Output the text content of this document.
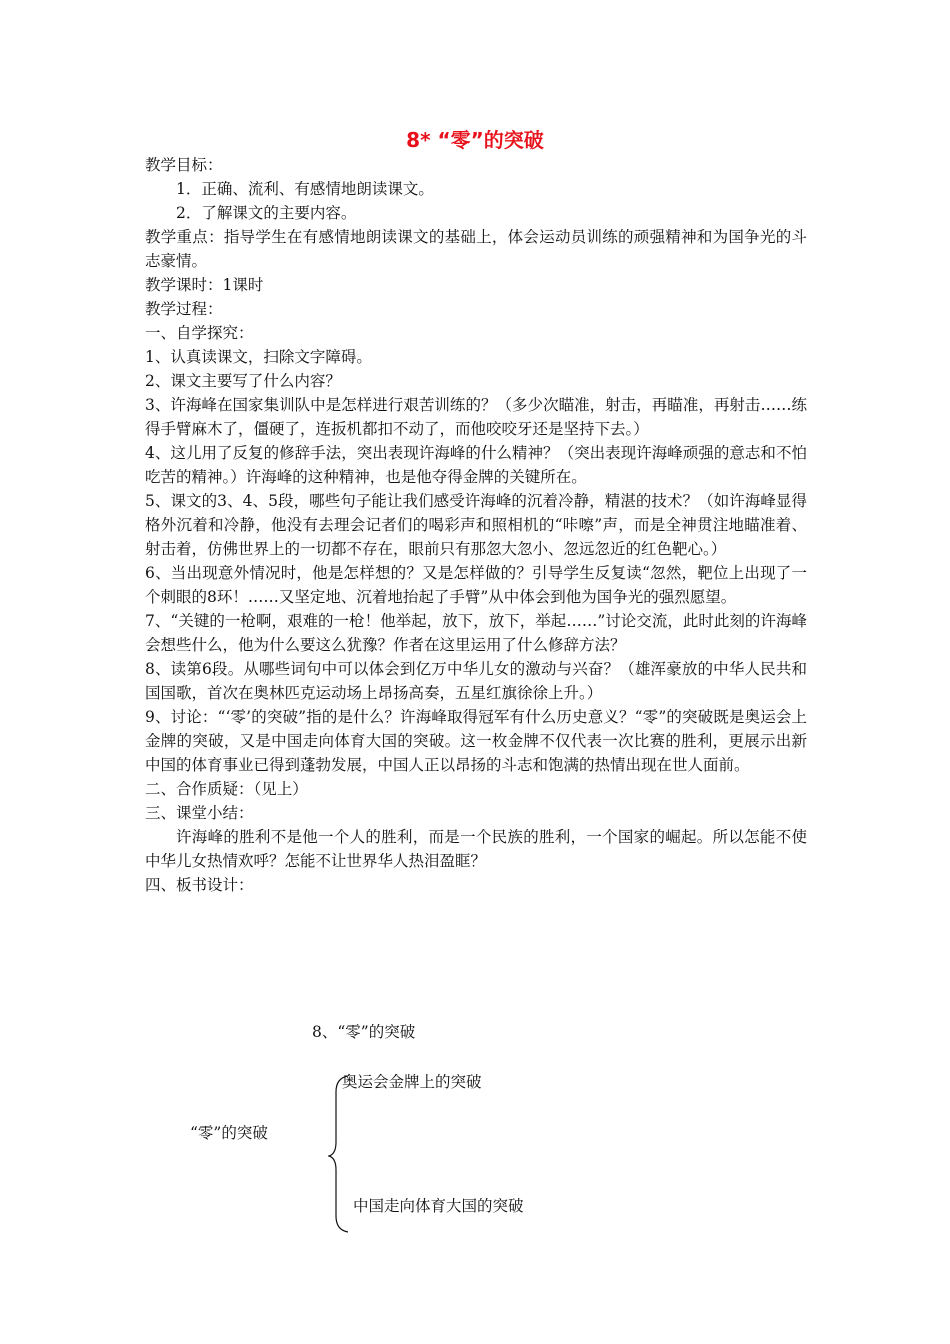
8* “零”的突破

教学目标：

1．正确、流利、有感情地朗读课文。

2．了解课文的主要内容。

教学重点：指导学生在有感情地朗读课文的基础上，体会运动员训练的顽强精神和为国争光的斗志豪情。

教学课时：1课时

教学过程：

一、自学探究：

1、认真读课文，扫除文字障碍。

2、课文主要写了什么内容？

3、许海峰在国家集训队中是怎样进行艰苦训练的？（多少次瞄准，射击，再瞄准，再射击……练得手臂麻木了，僵硬了，连扳机都扣不动了，而他咬咬牙还是坚持下去。）

4、这儿用了反复的修辞手法，突出表现许海峰的什么精神？（突出表现许海峰顽强的意志和不怕吃苦的精神。）许海峰的这种精神，也是他夺得金牌的关键所在。

5、课文的3、4、5段，哪些句子能让我们感受许海峰的沉着冷静，精湛的技术？（如许海峰显得格外沉着和冷静，他没有去理会记者们的喝彩声和照相机的“咔嚓”声，而是全神贯注地瞄准着、射击着，仿佛世界上的一切都不存在，眼前只有那忽大忽小、忽远忽近的红色靶心。）

6、当出现意外情况时，他是怎样想的？又是怎样做的？引导学生反复读“忽然，靶位上出现了一个刺眼的8环！……又坚定地、沉着地抬起了手臂”从中体会到他为国争光的强烈愿望。

7、“关键的一枪啊，艰难的一枪！他举起，放下，放下，举起……”讨论交流，此时此刻的许海峰会想些什么，他为什么要这么犹豫？作者在这里运用了什么修辞方法？

8、读第6段。从哪些词句中可以体会到亿万中华儿女的激动与兴奋？（雄浑豪放的中华人民共和国国歌，首次在奥林匹克运动场上昂扬高奏，五星红旗徐徐上升。）

9、讨论：“‘零’的突破”指的是什么？许海峰取得冠军有什么历史意义？“零”的突破既是奥运会上金牌的突破，又是中国走向体育大国的突破。这一枚金牌不仅代表一次比赛的胜利，更展示出新中国的体育事业已得到蓬勃发展，中国人正以昂扬的斗志和饱满的热情出现在世人面前。

二、合作质疑：（见上）

三、课堂小结：

许海峰的胜利不是他一个人的胜利，而是一个民族的胜利，一个国家的崛起。所以怎能不使中华儿女热情欢呼？怎能不让世界华人热泪盈眶？

四、板书设计：

8、“零”的突破
奥运会金牌上的突破
“零”的突破
中国走向体育大国的突破
